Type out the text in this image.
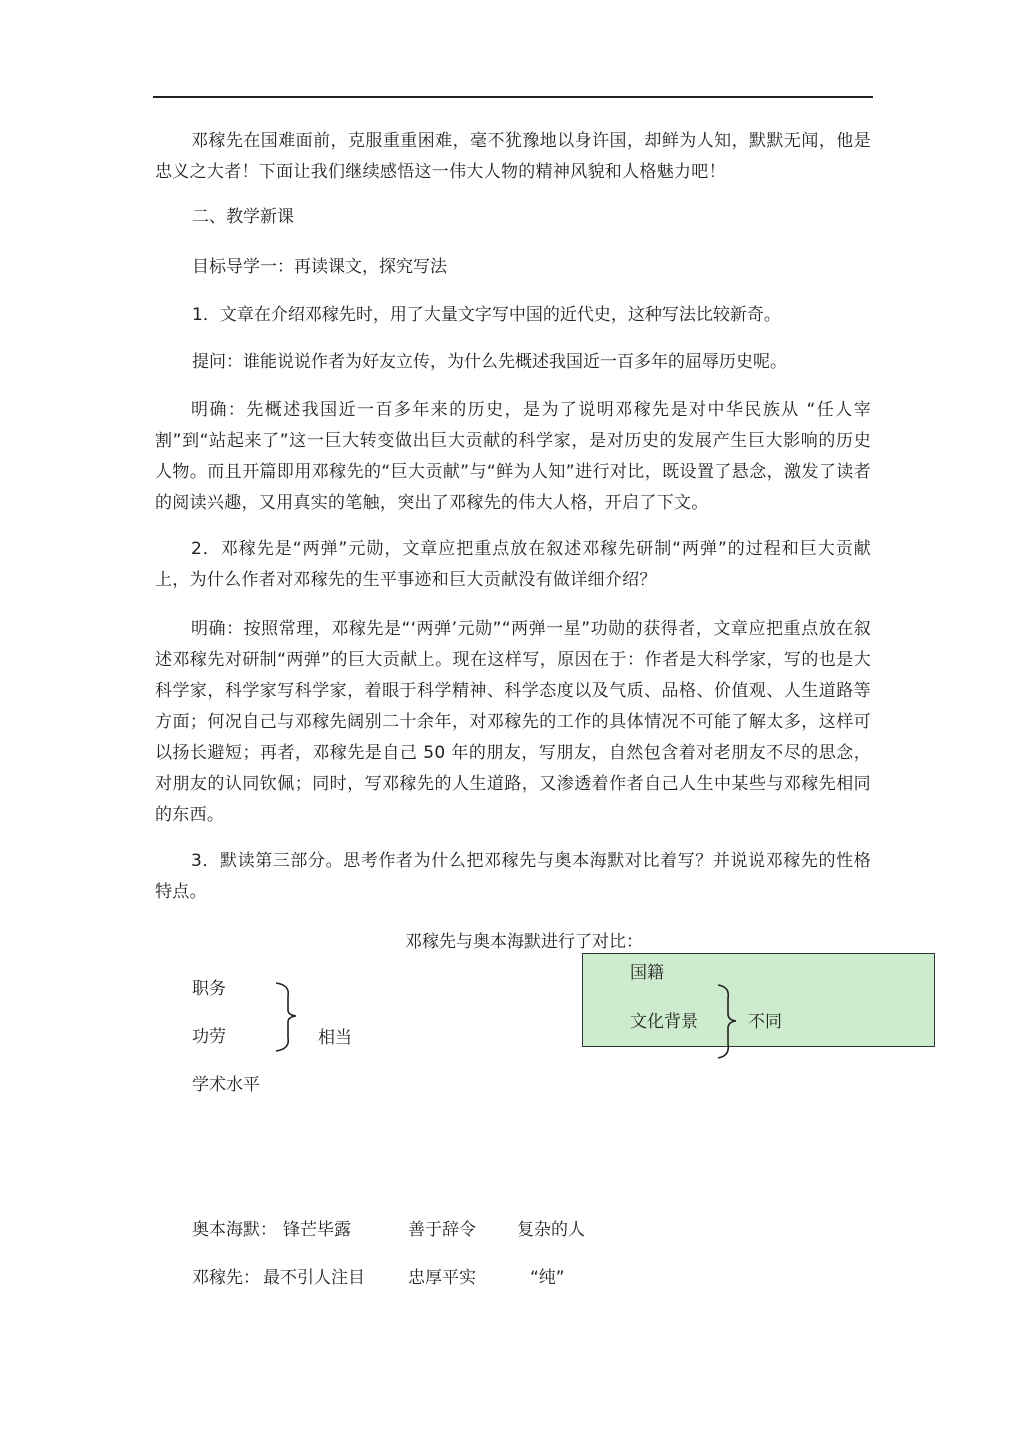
邓稼先在国难面前，克服重重困难，毫不犹豫地以身许国，却鲜为人知，默默无闻，他是忠义之大者！下面让我们继续感悟这一伟大人物的精神风貌和人格魅力吧！

二、教学新课

目标导学一：再读课文，探究写法

1．文章在介绍邓稼先时，用了大量文字写中国的近代史，这种写法比较新奇。

提问：谁能说说作者为好友立传，为什么先概述我国近一百多年的屈辱历史呢。

明确：先概述我国近一百多年来的历史，是为了说明邓稼先是对中华民族从 “任人宰割”到“站起来了”这一巨大转变做出巨大贡献的科学家，是对历史的发展产生巨大影响的历史人物。而且开篇即用邓稼先的“巨大贡献”与“鲜为人知”进行对比，既设置了悬念，激发了读者的阅读兴趣，又用真实的笔触，突出了邓稼先的伟大人格，开启了下文。

2．邓稼先是“两弹”元勋，文章应把重点放在叙述邓稼先研制“两弹”的过程和巨大贡献上，为什么作者对邓稼先的生平事迹和巨大贡献没有做详细介绍？

明确：按照常理，邓稼先是“‘两弹’元勋”“两弹一星”功勋的获得者，文章应把重点放在叙述邓稼先对研制“两弹”的巨大贡献上。现在这样写，原因在于：作者是大科学家，写的也是大科学家，科学家写科学家，着眼于科学精神、科学态度以及气质、品格、价值观、人生道路等方面；何况自己与邓稼先阔别二十余年，对邓稼先的工作的具体情况不可能了解太多，这样可以扬长避短；再者，邓稼先是自己 50 年的朋友，写朋友，自然包含着对老朋友不尽的思念，对朋友的认同钦佩；同时，写邓稼先的人生道路，又渗透着作者自己人生中某些与邓稼先相同的东西。

3．默读第三部分。思考作者为什么把邓稼先与奥本海默对比着写？并说说邓稼先的性格特点。

邓稼先与奥本海默进行了对比：

职务

功劳

学术水平

相当

国籍

文化背景	不同

奥本海默： 锋芒毕露	善于辞令 复杂的人

邓稼先： 最不引人注目	忠厚平实	“纯”
